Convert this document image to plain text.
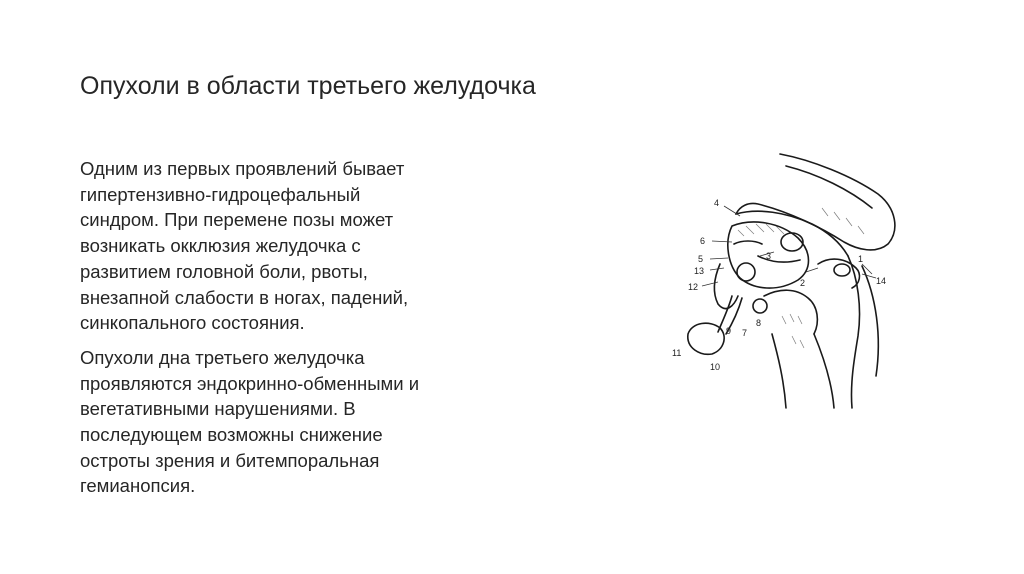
Опухоли в области третьего желудочка

Одним из первых проявлений бывает
гипертензивно-гидроцефальный
синдром. При перемене позы может
возникать окклюзия желудочка с
развитием головной боли, рвоты,
внезапной слабости в ногах, падений,
синкопального состояния.

Опухоли дна третьего желудочка
проявляются эндокринно-обменными и
вегетативными нарушениями. В
последующем возможны снижение
остроты зрения и битемпоральная
гемианопсия.

4
6
5
13
12
3
2
1
14
9 7
8
11
10
